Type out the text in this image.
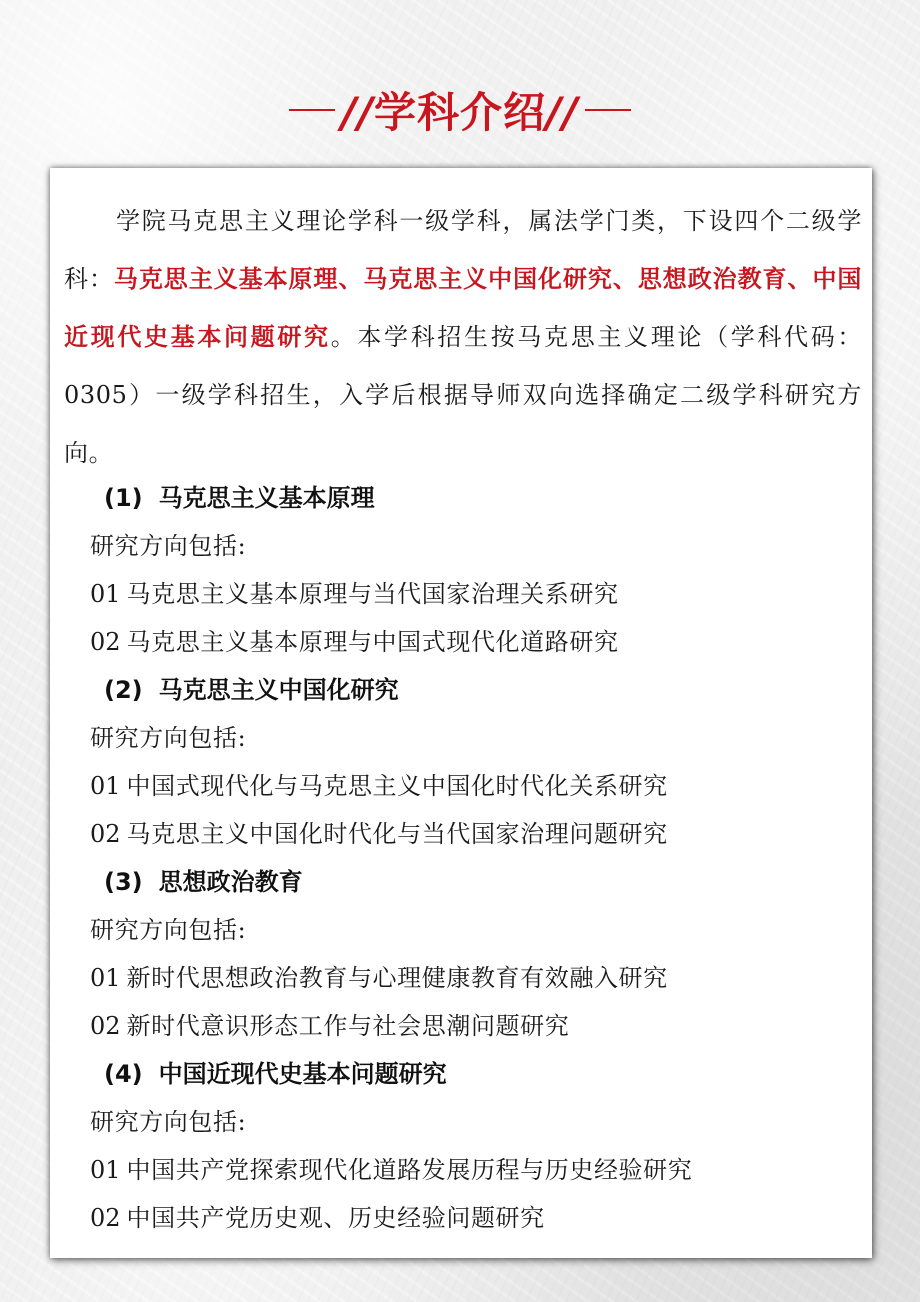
//学科介绍//

学院马克思主义理论学科一级学科，属法学门类，下设四个二级学科：马克思主义基本原理、马克思主义中国化研究、思想政治教育、中国近现代史基本问题研究。本学科招生按马克思主义理论（学科代码：0305）一级学科招生，入学后根据导师双向选择确定二级学科研究方向。

(1) 马克思主义基本原理
研究方向包括:
01 马克思主义基本原理与当代国家治理关系研究
02 马克思主义基本原理与中国式现代化道路研究
(2) 马克思主义中国化研究
研究方向包括:
01 中国式现代化与马克思主义中国化时代化关系研究
02 马克思主义中国化时代化与当代国家治理问题研究
(3) 思想政治教育
研究方向包括:
01 新时代思想政治教育与心理健康教育有效融入研究
02 新时代意识形态工作与社会思潮问题研究
(4) 中国近现代史基本问题研究
研究方向包括:
01 中国共产党探索现代化道路发展历程与历史经验研究
02 中国共产党历史观、历史经验问题研究
